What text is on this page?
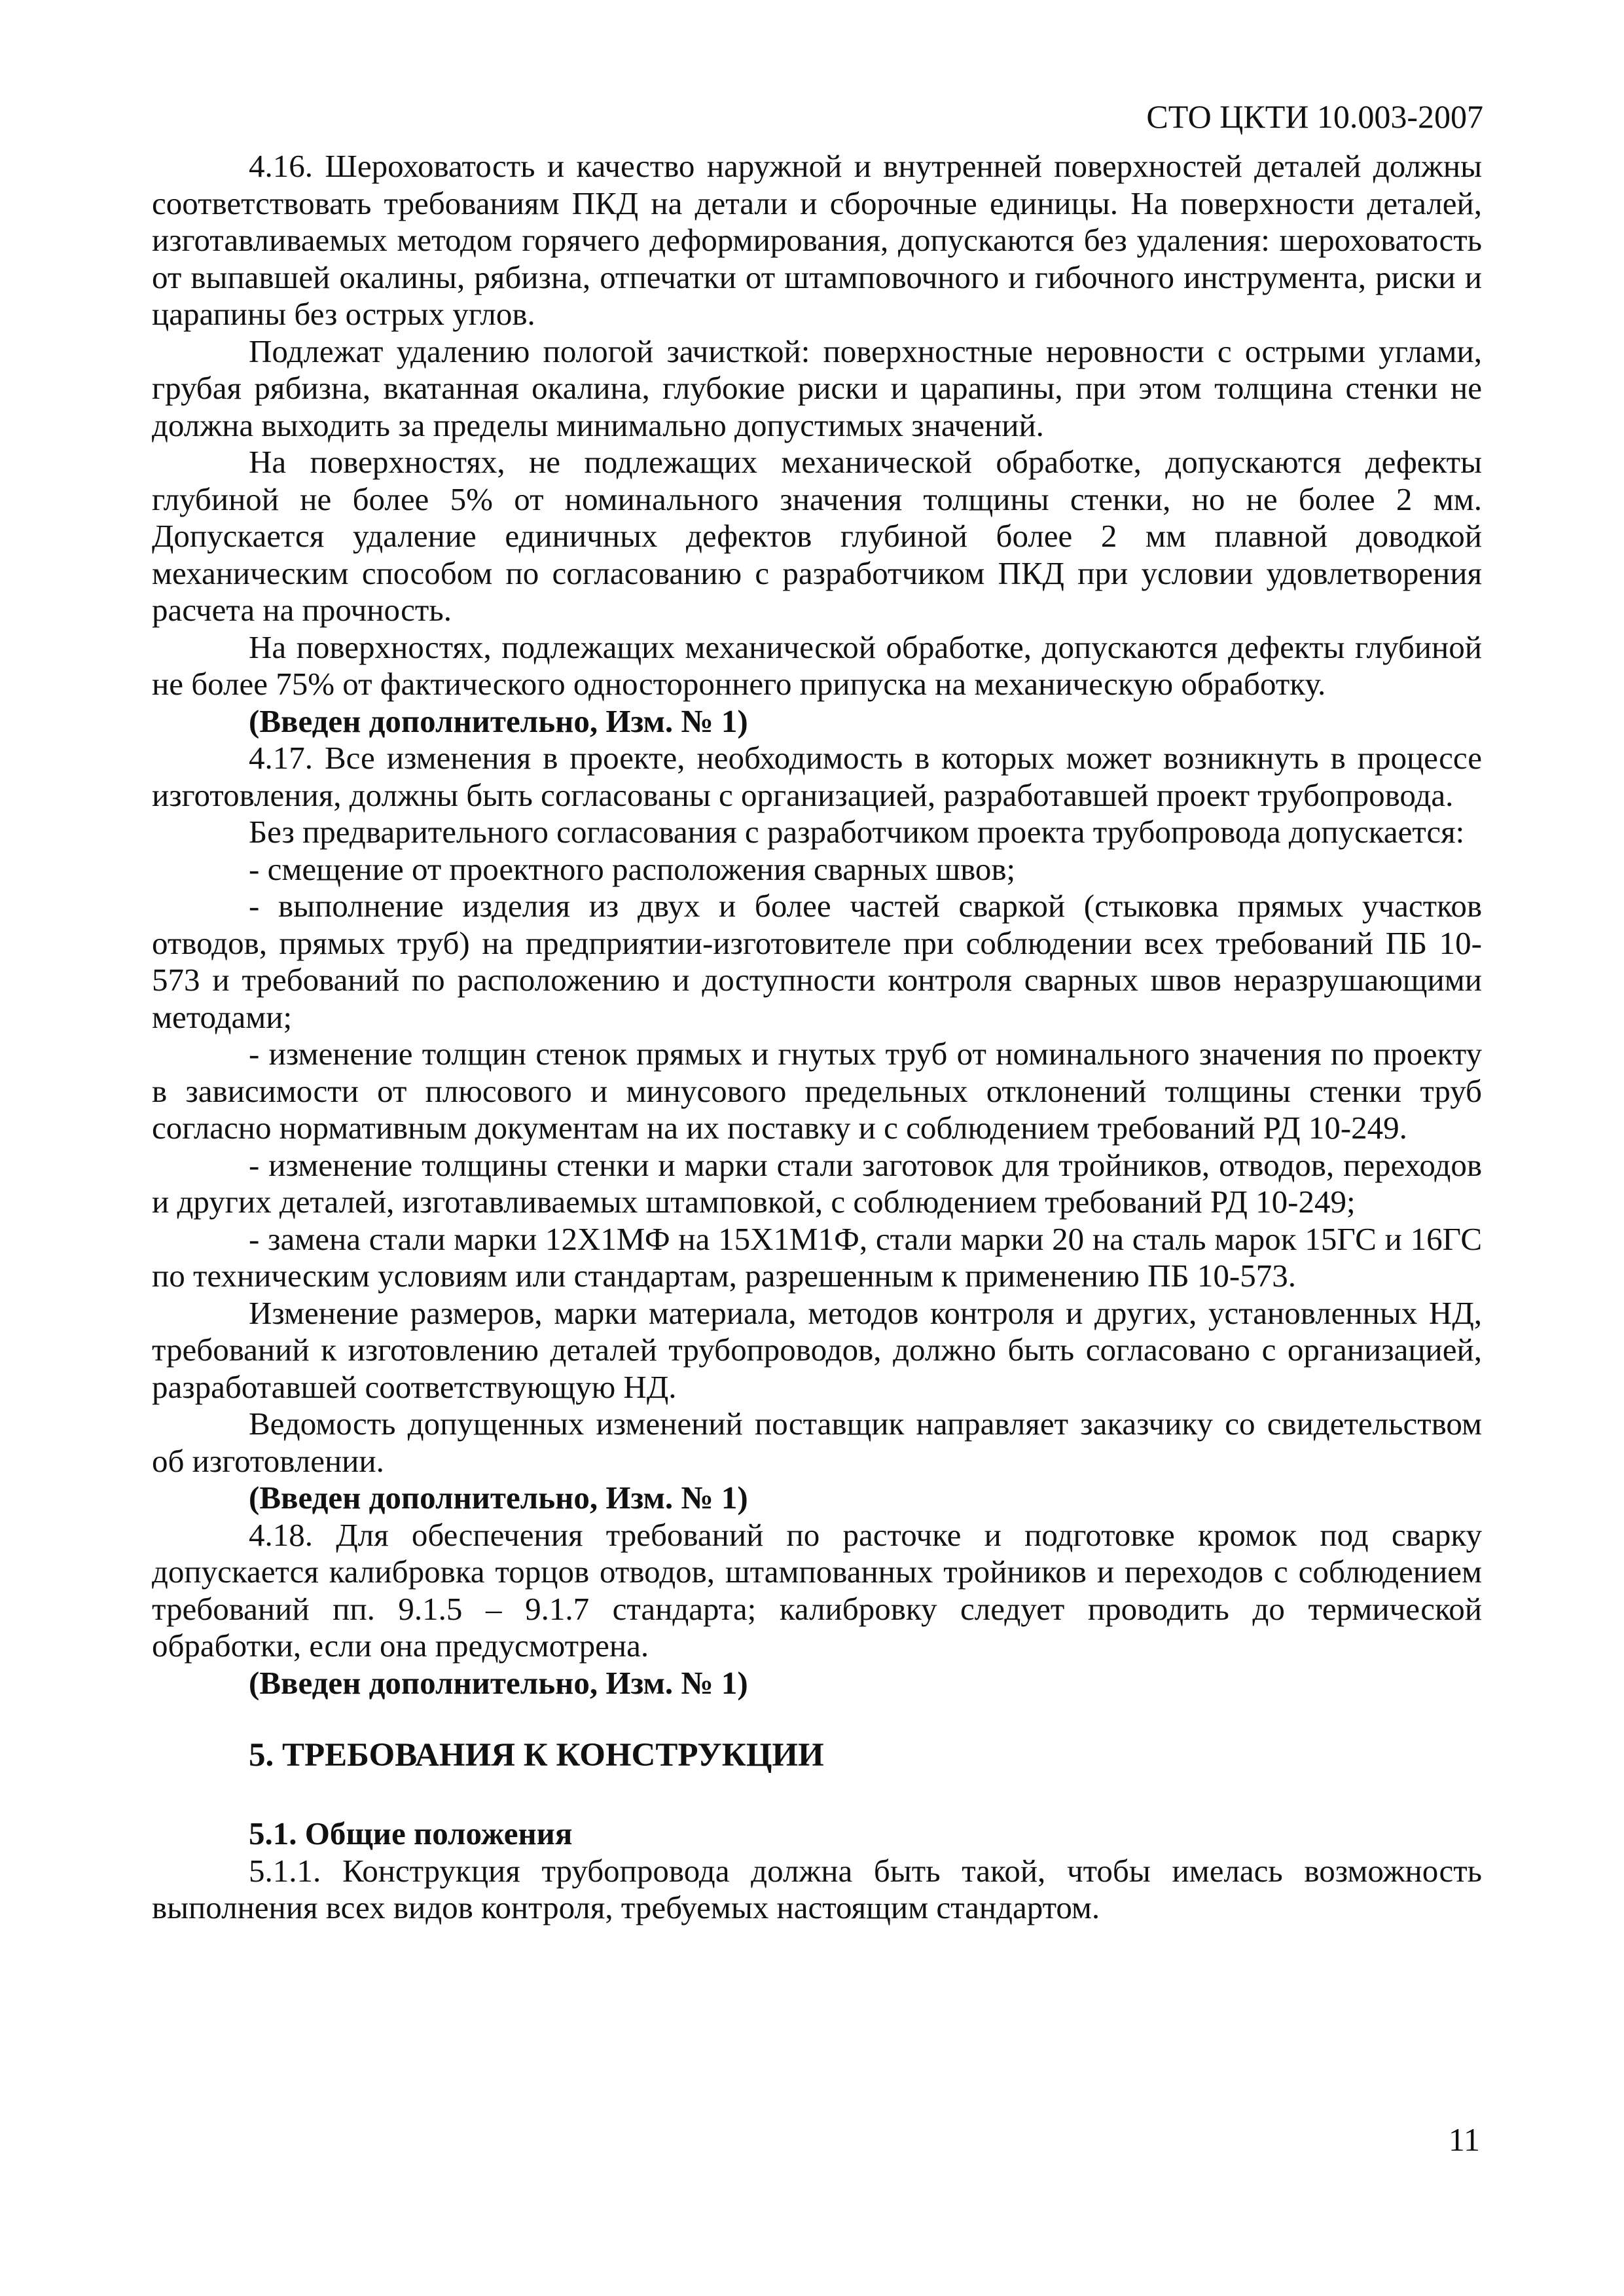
СТО ЦКТИ 10.003-2007

4.16. Шероховатость и качество наружной и внутренней поверхностей деталей должны соответствовать требованиям ПКД на детали и сборочные единицы. На поверхности деталей, изготавливаемых методом горячего деформирования, допускаются без удаления: шероховатость от выпавшей окалины, рябизна, отпечатки от штамповочного и гибочного инструмента, риски и царапины без острых углов.

Подлежат удалению пологой зачисткой: поверхностные неровности с острыми углами, грубая рябизна, вкатанная окалина, глубокие риски и царапины, при этом толщина стенки не должна выходить за пределы минимально допустимых значений.

На поверхностях, не подлежащих механической обработке, допускаются дефекты глубиной не более 5% от номинального значения толщины стенки, но не более 2 мм. Допускается удаление единичных дефектов глубиной более 2 мм плавной доводкой механическим способом по согласованию с разработчиком ПКД при условии удовлетворения расчета на прочность.

На поверхностях, подлежащих механической обработке, допускаются дефекты глубиной не более 75% от фактического одностороннего припуска на механическую обработку.

(Введен дополнительно, Изм. № 1)

4.17. Все изменения в проекте, необходимость в которых может возникнуть в процессе изготовления, должны быть согласованы с организацией, разработавшей проект трубопровода.

Без предварительного согласования с разработчиком проекта трубопровода допускается:

- смещение от проектного расположения сварных швов;

- выполнение изделия из двух и более частей сваркой (стыковка прямых участков отводов, прямых труб) на предприятии-изготовителе при соблюдении всех требований ПБ 10-573 и требований по расположению и доступности контроля сварных швов неразрушающими методами;

- изменение толщин стенок прямых и гнутых труб от номинального значения по проекту в зависимости от плюсового и минусового предельных отклонений толщины стенки труб согласно нормативным документам на их поставку и с соблюдением требований РД 10-249.

- изменение толщины стенки и марки стали заготовок для тройников, отводов, переходов и других деталей, изготавливаемых штамповкой, с соблюдением требований РД 10-249;

- замена стали марки 12Х1МФ на 15Х1М1Ф, стали марки 20 на сталь марок 15ГС и 16ГС по техническим условиям или стандартам, разрешенным к применению ПБ 10-573.

Изменение размеров, марки материала, методов контроля и других, установленных НД, требований к изготовлению деталей трубопроводов, должно быть согласовано с организацией, разработавшей соответствующую НД.

Ведомость допущенных изменений поставщик направляет заказчику со свидетельством об изготовлении.

(Введен дополнительно, Изм. № 1)

4.18. Для обеспечения требований по расточке и подготовке кромок под сварку допускается калибровка торцов отводов, штампованных тройников и переходов с соблюдением требований пп. 9.1.5 – 9.1.7 стандарта; калибровку следует проводить до термической обработки, если она предусмотрена.

(Введен дополнительно, Изм. № 1)

5. ТРЕБОВАНИЯ К КОНСТРУКЦИИ
5.1. Общие положения

5.1.1. Конструкция трубопровода должна быть такой, чтобы имелась возможность выполнения всех видов контроля, требуемых настоящим стандартом.

11
